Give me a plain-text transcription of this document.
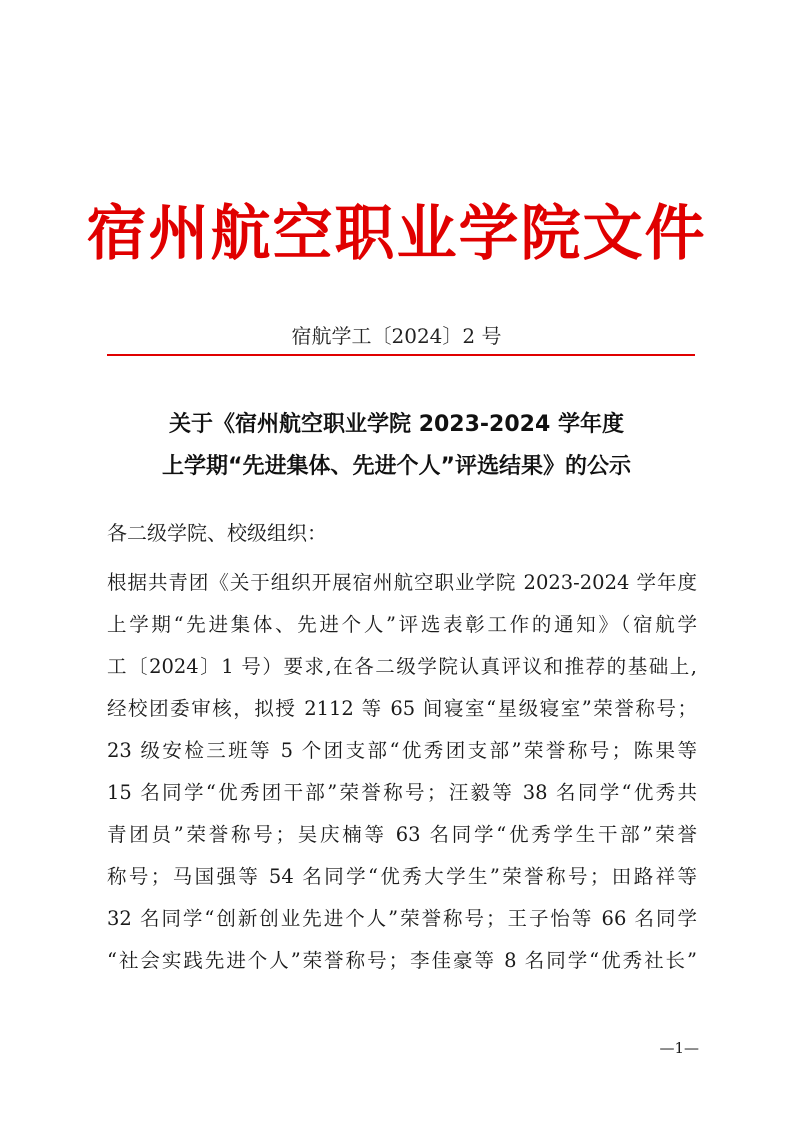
宿州航空职业学院文件
宿航学工〔2024〕2 号
关于《宿州航空职业学院 2023-2024 学年度
上学期“先进集体、先进个人”评选结果》的公示
各二级学院、校级组织：
根据共青团《关于组织开展宿州航空职业学院 2023-2024 学年度
上学期“先进集体、先进个人”评选表彰工作的通知》（宿航学
工〔2024〕1 号）要求,在各二级学院认真评议和推荐的基础上,
经校团委审核，拟授 2112 等 65 间寝室“星级寝室”荣誉称号；
23 级安检三班等 5 个团支部“优秀团支部”荣誉称号；陈果等
15 名同学“优秀团干部”荣誉称号；汪毅等 38 名同学“优秀共
青团员”荣誉称号；吴庆楠等 63 名同学“优秀学生干部”荣誉
称号；马国强等 54 名同学“优秀大学生”荣誉称号；田路祥等
32 名同学“创新创业先进个人”荣誉称号；王子怡等 66 名同学
“社会实践先进个人”荣誉称号；李佳豪等 8 名同学“优秀社长”
—1—
